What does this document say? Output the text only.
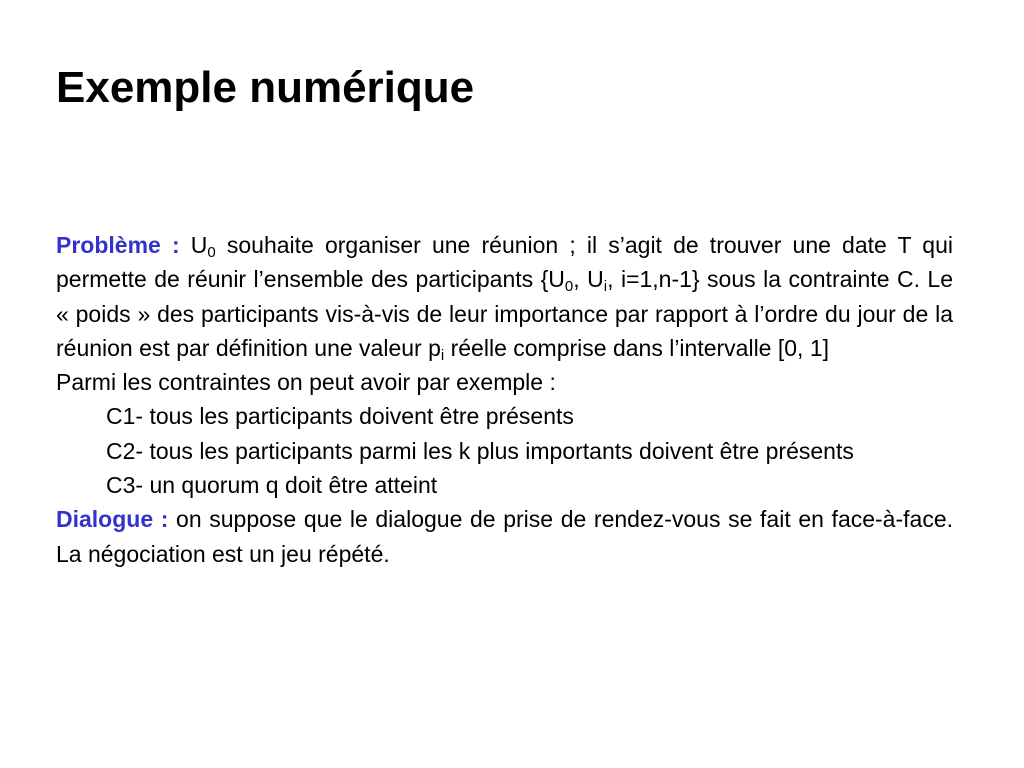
Exemple numérique

Problème : $U_0$ souhaite organiser une réunion ; il s’agit de trouver une date T qui permette de réunir l’ensemble des participants {$U_0$, $U_i$, i=1,n-1} sous la contrainte C. Le « poids » des participants vis-à-vis de leur importance par rapport à l’ordre du jour de la réunion est par définition une valeur $p_i$ réelle comprise dans l’intervalle [0, 1]

Parmi les contraintes on peut avoir par exemple :

C1- tous les participants doivent être présents

C2- tous les participants parmi les k plus importants doivent être présents

C3- un quorum q doit être atteint

Dialogue : on suppose que le dialogue de prise de rendez-vous se fait en face-à-face. La négociation est un jeu répété.
